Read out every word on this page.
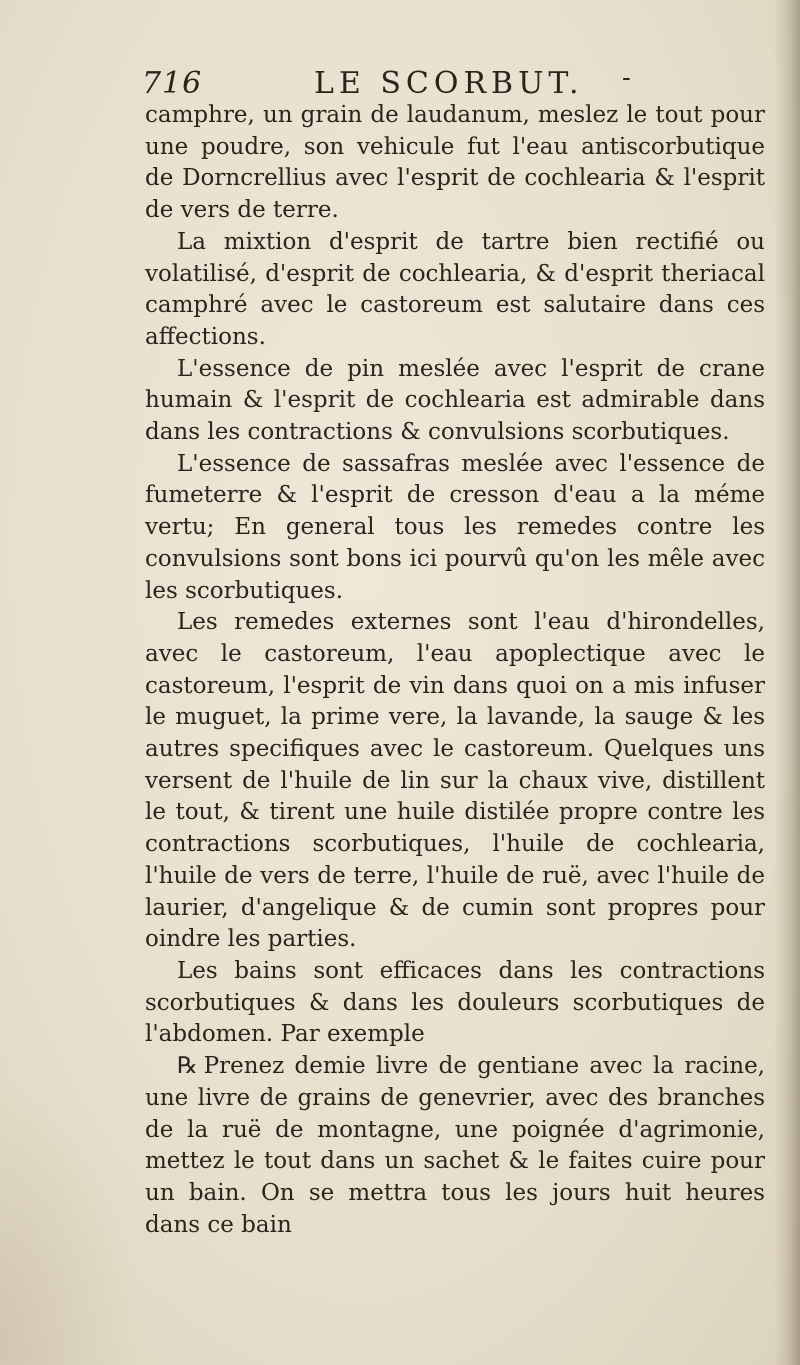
716	LE SCORBUT. -

camphre, un grain de laudanum, meslez le tout pour une poudre, son vehicule fut l'eau antiscorbutique de Dorncrellius avec l'esprit de cochlearia & l'esprit de vers de terre.

La mixtion d'esprit de tartre bien rectifié ou volatilisé, d'esprit de cochlearia, & d'esprit theriacal camphré avec le castoreum est salutaire dans ces affections.

L'essence de pin meslée avec l'esprit de crane humain & l'esprit de cochlearia est admirable dans dans les contractions & convulsions scorbutiques.

L'essence de sassafras meslée avec l'essence de fumeterre & l'esprit de cresson d'eau a la méme vertu; En general tous les remedes contre les convulsions sont bons ici pourvû qu'on les mêle avec les scorbutiques.

Les remedes externes sont l'eau d'hirondelles, avec le castoreum, l'eau apoplectique avec le castoreum, l'esprit de vin dans quoi on a mis infuser le muguet, la prime vere, la lavande, la sauge & les autres specifiques avec le castoreum. Quelques uns versent de l'huile de lin sur la chaux vive, distillent le tout, & tirent une huile distilée propre contre les contractions scorbutiques, l'huile de cochlearia, l'huile de vers de terre, l'huile de ruë, avec l'huile de laurier, d'angelique & de cumin sont propres pour oindre les parties.

Les bains sont efficaces dans les contractions scorbutiques & dans les douleurs scorbutiques de l'abdomen. Par exemple

℞ Prenez demie livre de gentiane avec la racine, une livre de grains de genevrier, avec des branches de la ruë de montagne, une poignée d'agrimonie, mettez le tout dans un sachet & le faites cuire pour un bain. On se mettra tous les jours huit heures dans ce bain
